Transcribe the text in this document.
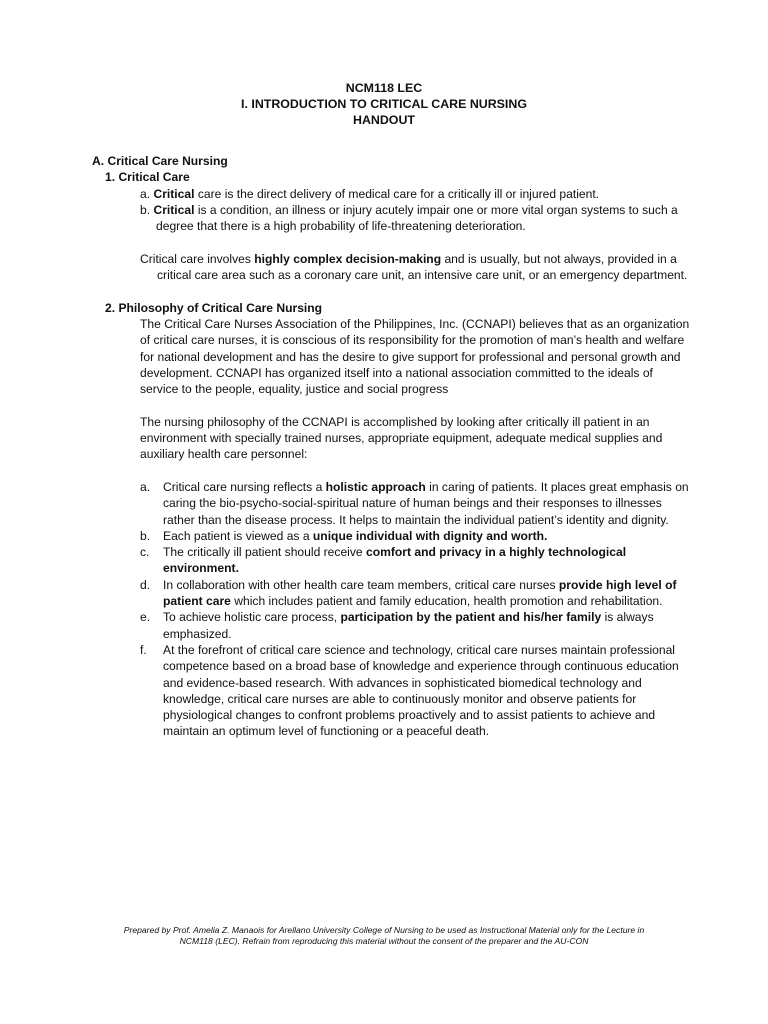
NCM118 LEC
I. INTRODUCTION TO CRITICAL CARE NURSING
HANDOUT
A. Critical Care Nursing
1. Critical Care
a. Critical care is the direct delivery of medical care for a critically ill or injured patient.
b. Critical is a condition, an illness or injury acutely impair one or more vital organ systems to such a degree that there is a high probability of life-threatening deterioration.
Critical care involves highly complex decision-making and is usually, but not always, provided in a critical care area such as a coronary care unit, an intensive care unit, or an emergency department.
2. Philosophy of Critical Care Nursing
The Critical Care Nurses Association of the Philippines, Inc. (CCNAPI) believes that as an organization of critical care nurses, it is conscious of its responsibility for the promotion of man’s health and welfare for national development and has the desire to give support for professional and personal growth and development. CCNAPI has organized itself into a national association committed to the ideals of service to the people, equality, justice and social progress
The nursing philosophy of the CCNAPI is accomplished by looking after critically ill patient in an environment with specially trained nurses, appropriate equipment, adequate medical supplies and auxiliary health care personnel:
a. Critical care nursing reflects a holistic approach in caring of patients. It places great emphasis on caring the bio-psycho-social-spiritual nature of human beings and their responses to illnesses rather than the disease process. It helps to maintain the individual patient’s identity and dignity.
b. Each patient is viewed as a unique individual with dignity and worth.
c. The critically ill patient should receive comfort and privacy in a highly technological environment.
d. In collaboration with other health care team members, critical care nurses provide high level of patient care which includes patient and family education, health promotion and rehabilitation.
e. To achieve holistic care process, participation by the patient and his/her family is always emphasized.
f. At the forefront of critical care science and technology, critical care nurses maintain professional competence based on a broad base of knowledge and experience through continuous education and evidence-based research. With advances in sophisticated biomedical technology and knowledge, critical care nurses are able to continuously monitor and observe patients for physiological changes to confront problems proactively and to assist patients to achieve and maintain an optimum level of functioning or a peaceful death.
Prepared by Prof. Amelia Z. Manaois for Arellano University College of Nursing to be used as Instructional Material only for the Lecture in
NCM118 (LEC). Refrain from reproducing this material without the consent of the preparer and the AU-CON
